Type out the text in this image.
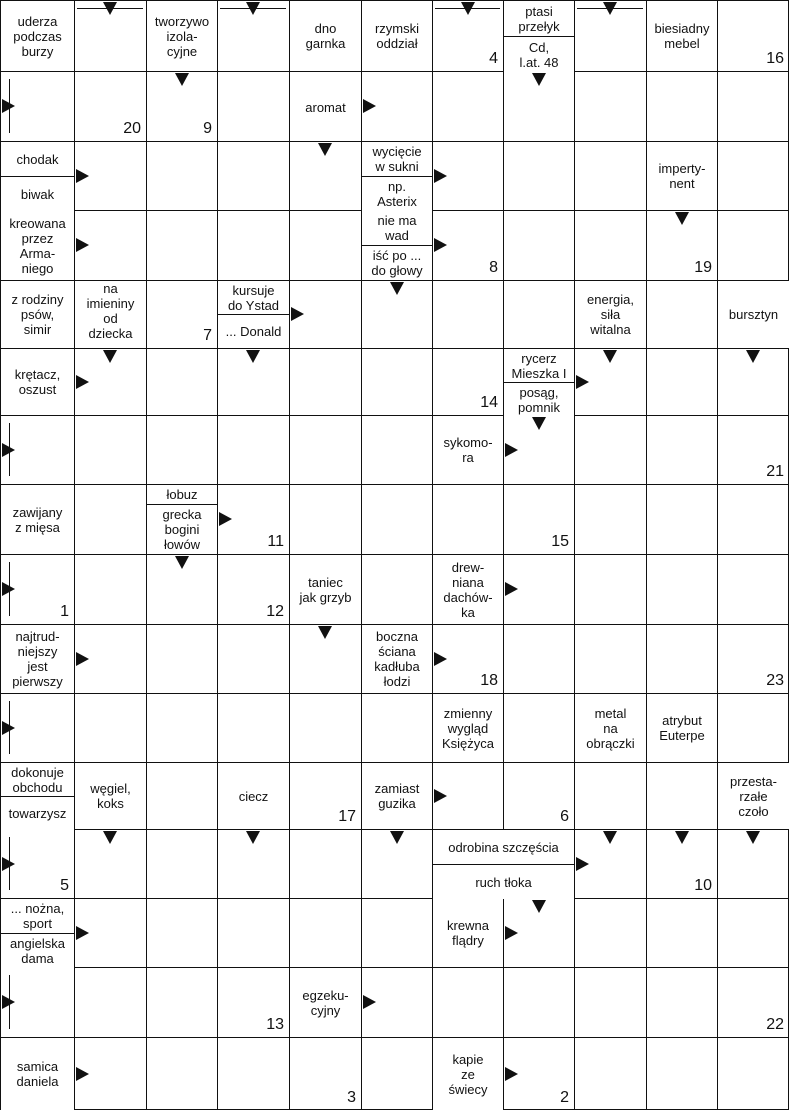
uderza
podczas
burzy
tworzywo
izola-
cyjne
dno
garnka
rzymski
oddział
biesiadny
mebel
aromat
imperty-
nent
kreowana
przez
Arma-
niego
z rodziny
psów,
simir
na
imieniny
od
dziecka
energia,
siła
witalna
bursztyn
krętacz,
oszust
sykomo-
ra
zawijany
z mięsa
taniec
jak grzyb
drew-
niana
dachów-
ka
najtrud-
niejszy
jest
pierwszy
boczna
ściana
kadłuba
łodzi
zmienny
wygląd
Księżyca
metal
na
obrączki
atrybut
Euterpe
węgiel,
koks	ciecz	zamiast
guzika
przesta-
rzałe
czoło
krewna
flądry
egzeku-
cyjny
samica
daniela
kapie
ze
świecy
ptasi
przełyk
Cd,
l.at. 48
chodak
biwak
wycięcie
w sukni
np.
Asterix
nie ma
wad
iść po ...
do głowy
kursuje
do Ystad
... Donald
rycerz
Mieszka I
posąg,
pomnik
łobuz
grecka
bogini
łowów
dokonuje
obchodu
towarzysz
... nożna,
sport
angielska
dama
odrobina szczęścia
ruch tłoka
4	16
20	9
8	19
7
14
21
11	15
1	12
18	23
17	6
5	10
13	22
3	2
